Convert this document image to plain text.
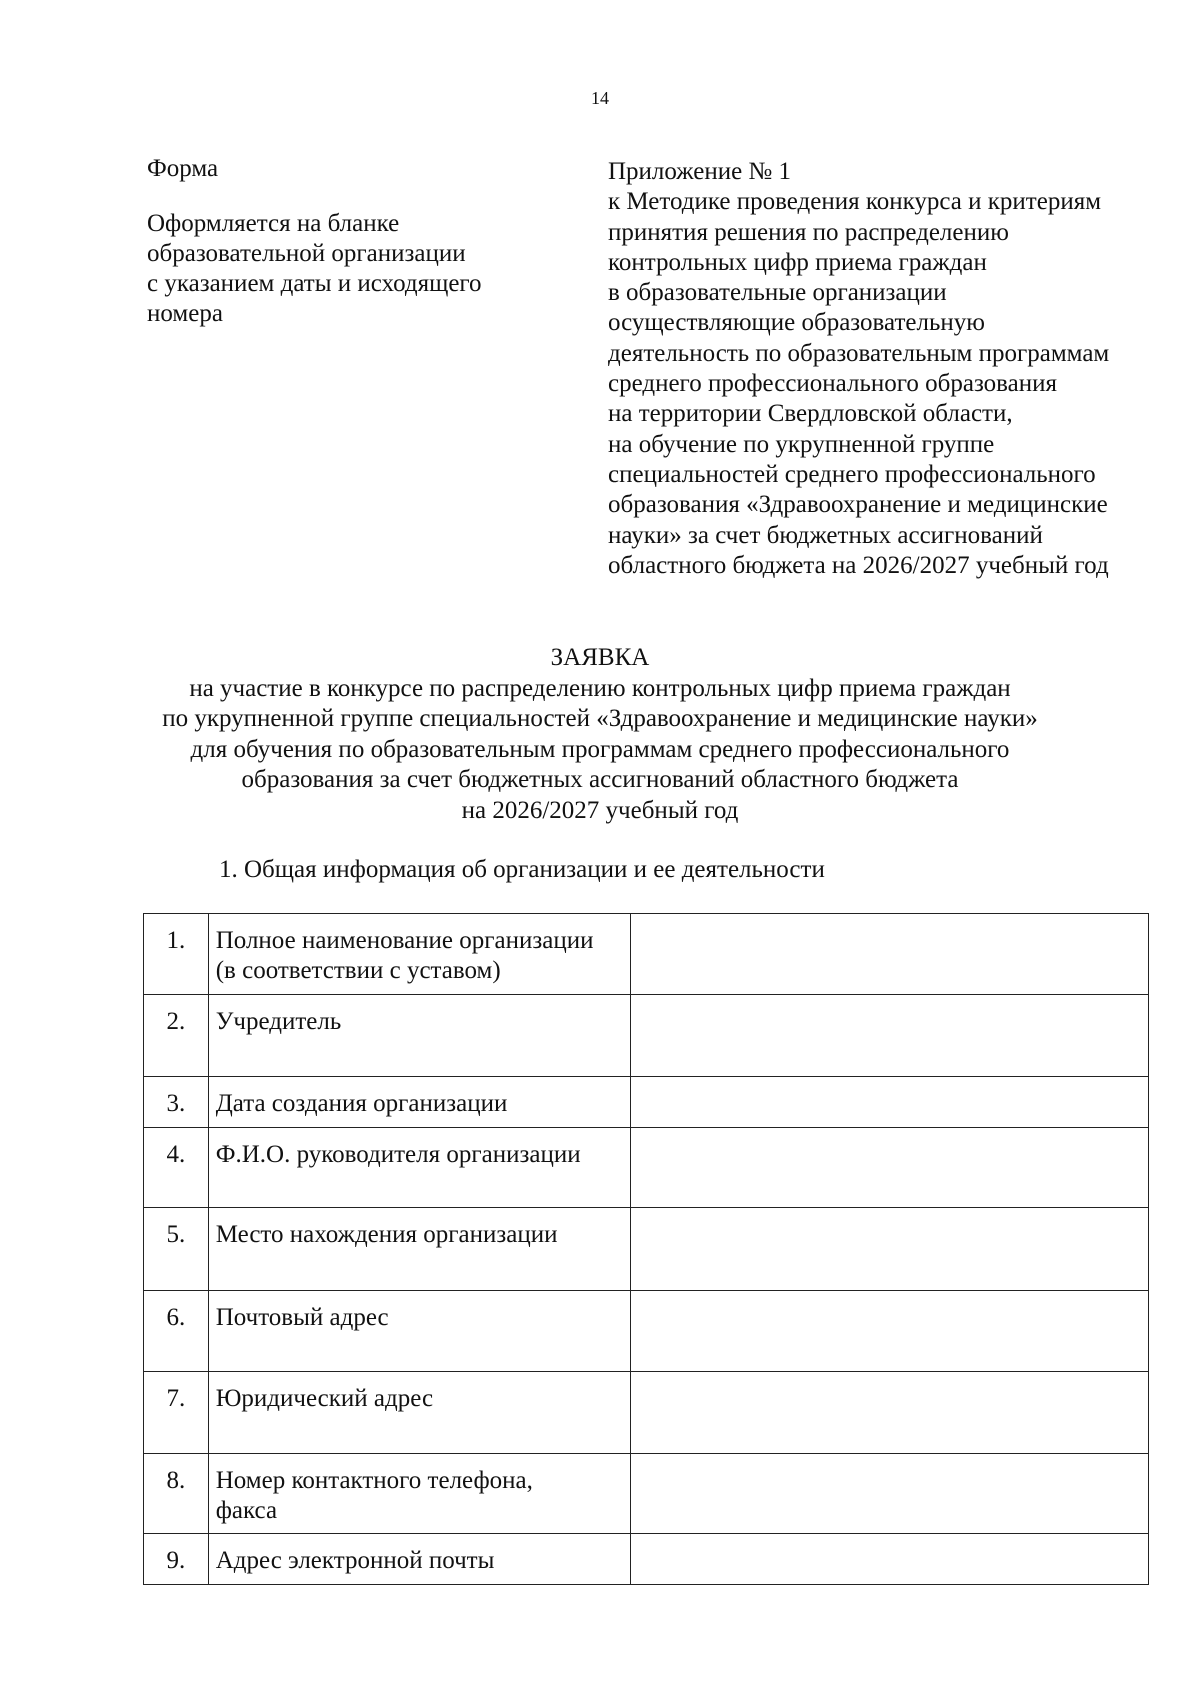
14
Форма
Оформляется на бланке
образовательной организации
с указанием даты и исходящего
номера
Приложение № 1
к Методике проведения конкурса и критериям
принятия решения по распределению
контрольных цифр приема граждан
в образовательные организации
осуществляющие образовательную
деятельность по образовательным программам
среднего профессионального образования
на территории Свердловской области,
на обучение по укрупненной группе
специальностей среднего профессионального
образования «Здравоохранение и медицинские
науки» за счет бюджетных ассигнований
областного бюджета на 2026/2027 учебный год
ЗАЯВКА
на участие в конкурсе по распределению контрольных цифр приема граждан
по укрупненной группе специальностей «Здравоохранение и медицинские науки»
для обучения по образовательным программам среднего профессионального
образования за счет бюджетных ассигнований областного бюджета
на 2026/2027 учебный год
1. Общая информация об организации и ее деятельности
1.	Полное наименование организации
(в соответствии с уставом)	

2.	Учредитель	

3.	Дата создания организации	

4.	Ф.И.О. руководителя организации	

5.	Место нахождения организации	

6.	Почтовый адрес	

7.	Юридический адрес	

8.	Номер контактного телефона,
факса	

9.	Адрес электронной почты	
